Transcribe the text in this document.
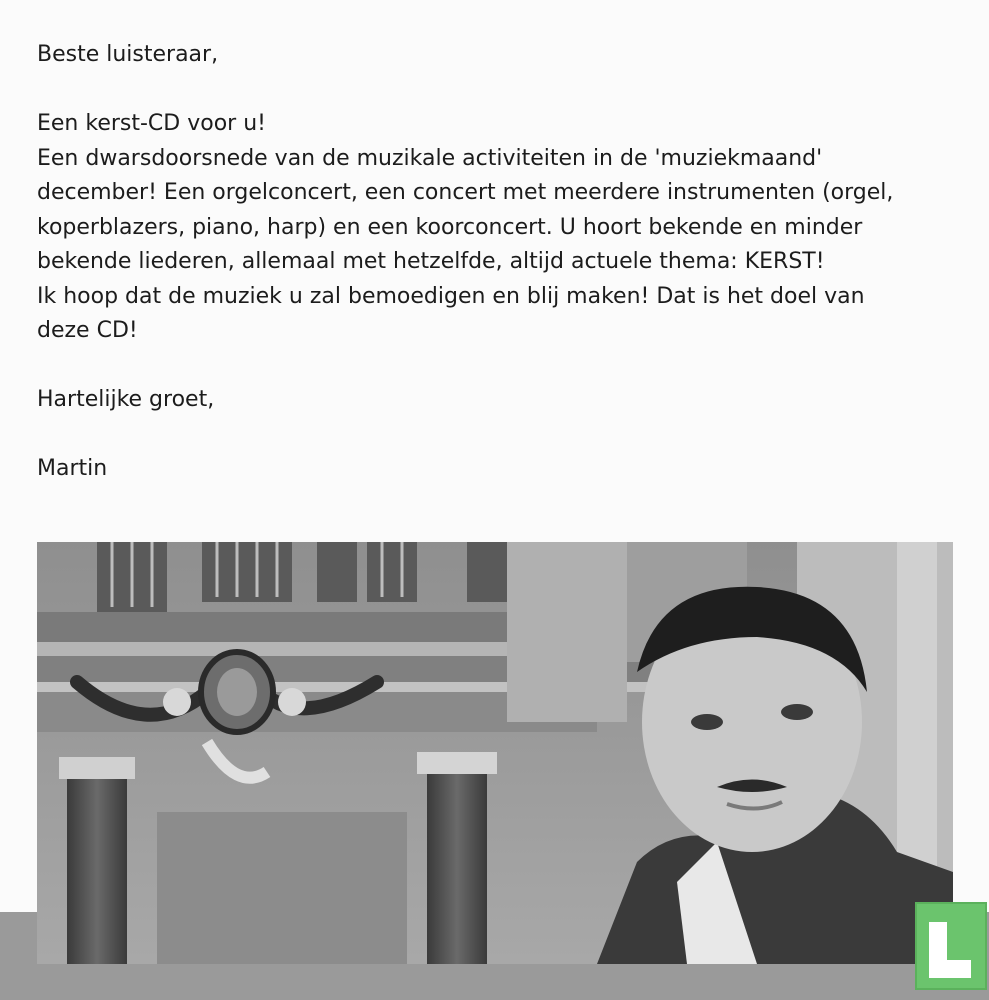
Beste luisteraar,

Een kerst-CD voor u!

Een dwarsdoorsnede van de muzikale activiteiten in de 'muziekmaand'

december! Een orgelconcert, een concert met meerdere instrumenten (orgel,

koperblazers, piano, harp) en een koorconcert. U hoort bekende en minder

bekende liederen, allemaal met hetzelfde, altijd actuele thema: KERST!

Ik hoop dat de muziek u zal bemoedigen en blij maken! Dat is het doel van

deze CD!

Hartelijke groet,

Martin
